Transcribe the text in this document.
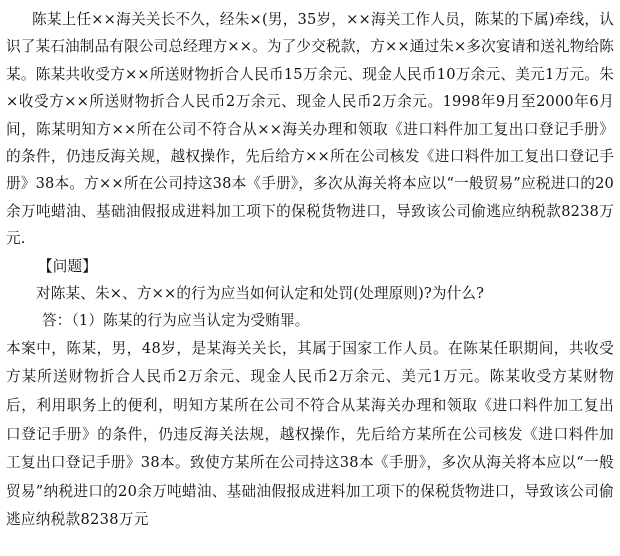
陈某上任××海关关长不久，经朱×(男，35岁，××海关工作人员，陈某的下属)牵线，认识了某石油制品有限公司总经理方××。为了少交税款，方××通过朱×多次宴请和送礼物给陈某。陈某共收受方××所送财物折合人民币15万余元、现金人民币10万余元、美元1万元。朱×收受方××所送财物折合人民币2万余元、现金人民币2万余元。1998年9月至2000年6月间，陈某明知方××所在公司不符合从××海关办理和领取《进口料件加工复出口登记手册》的条件，仍违反海关规，越权操作，先后给方××所在公司核发《进口料件加工复出口登记手册》38本。方××所在公司持这38本《手册》，多次从海关将本应以“一般贸易”应税进口的20余万吨蜡油、基础油假报成进料加工项下的保税货物进口，导致该公司偷逃应纳税款8238万元.

【问题】

对陈某、朱×、方××的行为应当如何认定和处罚(处理原则)?为什么?

答：（1）陈某的行为应当认定为受贿罪。

本案中，陈某，男，48岁，是某海关关长，其属于国家工作人员。在陈某任职期间，共收受方某所送财物折合人民币2万余元、现金人民币2万余元、美元1万元。陈某收受方某财物后，利用职务上的便利，明知方某所在公司不符合从某海关办理和领取《进口料件加工复出口登记手册》的条件，仍违反海关法规，越权操作，先后给方某所在公司核发《进口料件加工复出口登记手册》38本。致使方某所在公司持这38本《手册》，多次从海关将本应以“一般贸易”纳税进口的20余万吨蜡油、基础油假报成进料加工项下的保税货物进口，导致该公司偷逃应纳税款8238万元
